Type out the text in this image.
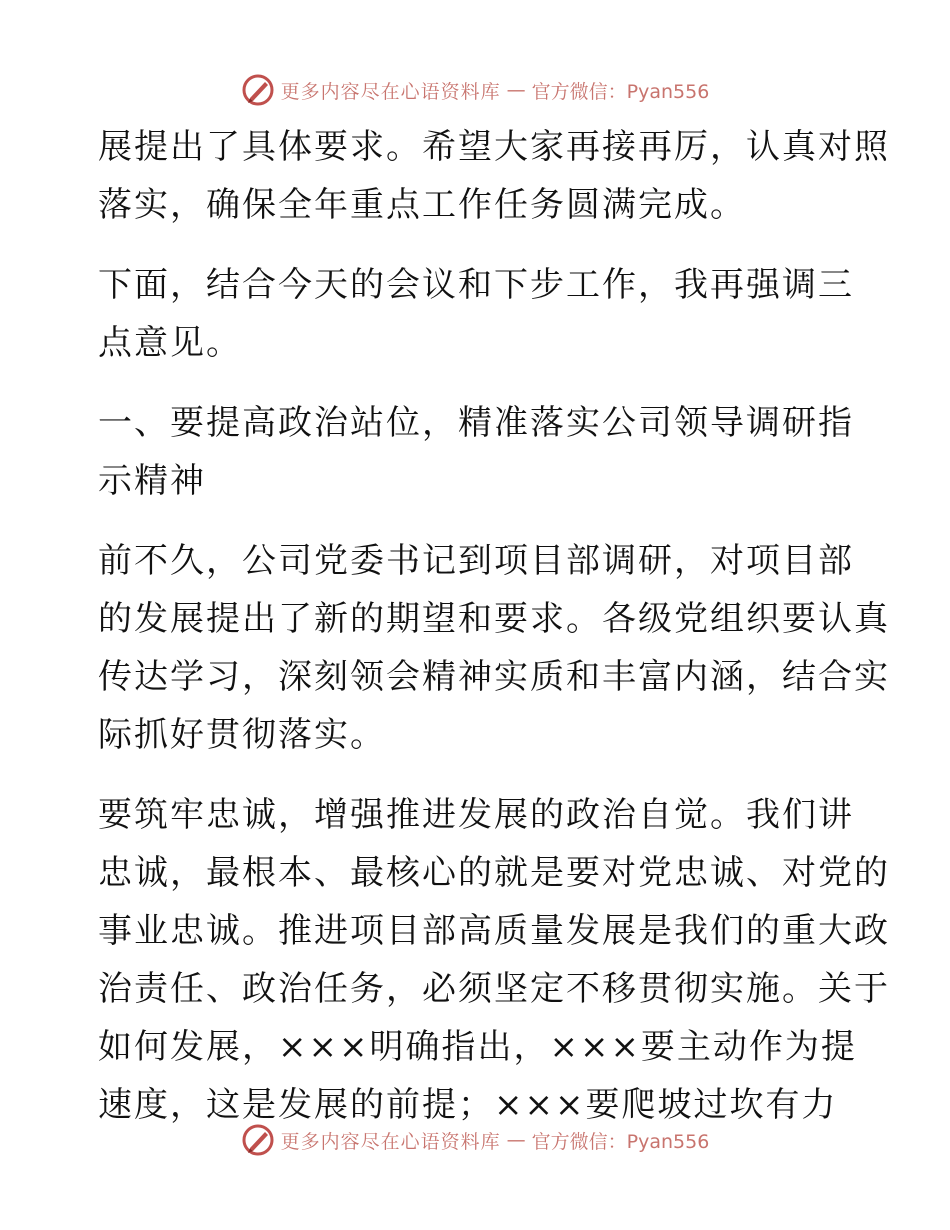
更多内容尽在心语资料库 — 官方微信：Pyan556

展提出了具体要求。希望大家再接再厉，认真对照
落实，确保全年重点工作任务圆满完成。

下面，结合今天的会议和下步工作，我再强调三
点意见。

一、要提高政治站位，精准落实公司领导调研指
示精神

前不久，公司党委书记到项目部调研，对项目部
的发展提出了新的期望和要求。各级党组织要认真
传达学习，深刻领会精神实质和丰富内涵，结合实
际抓好贯彻落实。

要筑牢忠诚，增强推进发展的政治自觉。我们讲
忠诚，最根本、最核心的就是要对党忠诚、对党的
事业忠诚。推进项目部高质量发展是我们的重大政
治责任、政治任务，必须坚定不移贯彻实施。关于
如何发展，×××明确指出，×××要主动作为提
速度，这是发展的前提；×××要爬坡过坎有力

更多内容尽在心语资料库 — 官方微信：Pyan556
